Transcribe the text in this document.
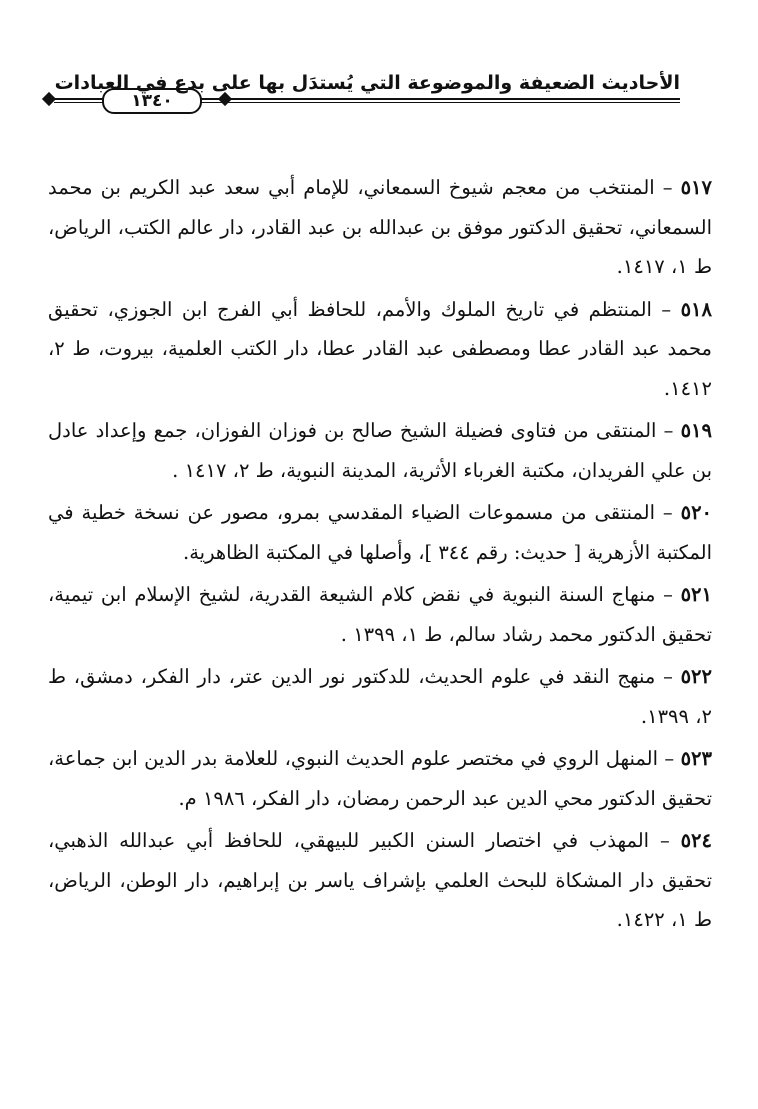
١٣٤٠
الأحاديث الضعيفة والموضوعة التي يُستدَل بها على بدع في العبادات

٥١٧ – المنتخب من معجم شيوخ السمعاني، للإمام أبي سعد عبد الكريم بن محمد السمعاني، تحقيق الدكتور موفق بن عبدالله بن عبد القادر، دار عالم الكتب، الرياض، ط ١، ١٤١٧.

٥١٨ – المنتظم في تاريخ الملوك والأمم، للحافظ أبي الفرج ابن الجوزي، تحقيق محمد عبد القادر عطا ومصطفى عبد القادر عطا، دار الكتب العلمية، بيروت، ط ٢، ١٤١٢.

٥١٩ – المنتقى من فتاوى فضيلة الشيخ صالح بن فوزان الفوزان، جمع وإعداد عادل بن علي الفريدان، مكتبة الغرباء الأثرية، المدينة النبوية، ط ٢، ١٤١٧ .

٥٢٠ – المنتقى من مسموعات الضياء المقدسي بمرو، مصور عن نسخة خطية في المكتبة الأزهرية [ حديث: رقم ٣٤٤ ]، وأصلها في المكتبة الظاهرية.

٥٢١ – منهاج السنة النبوية في نقض كلام الشيعة القدرية، لشيخ الإسلام ابن تيمية، تحقيق الدكتور محمد رشاد سالم، ط ١، ١٣٩٩ .

٥٢٢ – منهج النقد في علوم الحديث، للدكتور نور الدين عتر، دار الفكر، دمشق، ط ٢، ١٣٩٩.

٥٢٣ – المنهل الروي في مختصر علوم الحديث النبوي، للعلامة بدر الدين ابن جماعة، تحقيق الدكتور محي الدين عبد الرحمن رمضان، دار الفكر، ١٩٨٦ م.

٥٢٤ – المهذب في اختصار السنن الكبير للبيهقي، للحافظ أبي عبدالله الذهبي، تحقيق دار المشكاة للبحث العلمي بإشراف ياسر بن إبراهيم، دار الوطن، الرياض، ط ١، ١٤٢٢.
